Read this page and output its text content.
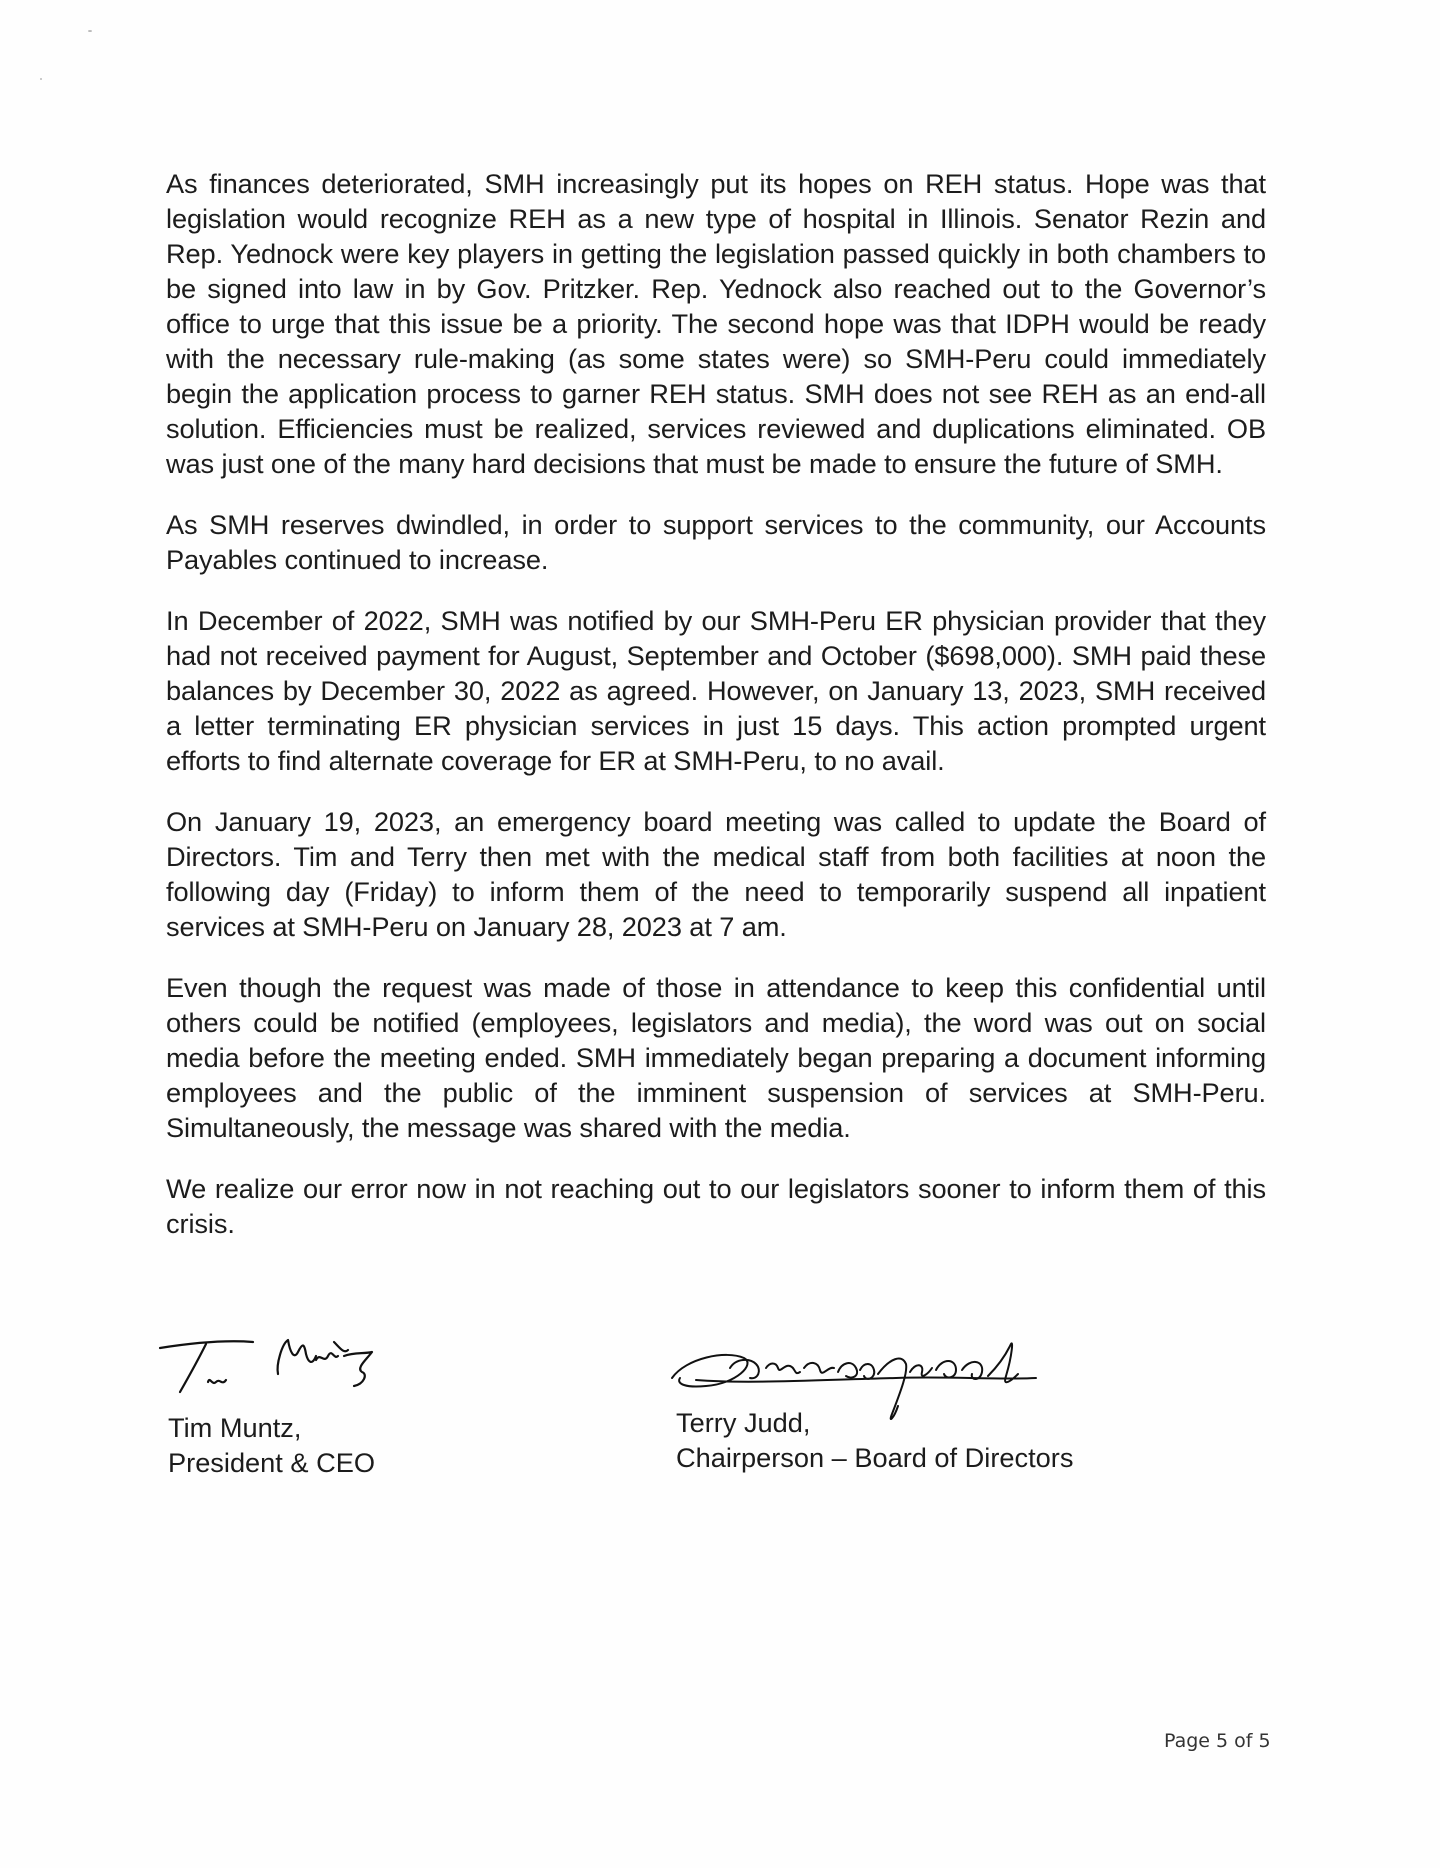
As finances deteriorated, SMH increasingly put its hopes on REH status. Hope was that legislation would recognize REH as a new type of hospital in Illinois. Senator Rezin and Rep. Yednock were key players in getting the legislation passed quickly in both chambers to be signed into law in by Gov. Pritzker. Rep. Yednock also reached out to the Governor’s office to urge that this issue be a priority. The second hope was that IDPH would be ready with the necessary rule-making (as some states were) so SMH-Peru could immediately begin the application process to garner REH status. SMH does not see REH as an end-all solution. Efficiencies must be realized, services reviewed and duplications eliminated. OB was just one of the many hard decisions that must be made to ensure the future of SMH.

As SMH reserves dwindled, in order to support services to the community, our Accounts Payables continued to increase.

In December of 2022, SMH was notified by our SMH-Peru ER physician provider that they had not received payment for August, September and October ($698,000). SMH paid these balances by December 30, 2022 as agreed. However, on January 13, 2023, SMH received a letter terminating ER physician services in just 15 days. This action prompted urgent efforts to find alternate coverage for ER at SMH-Peru, to no avail.

On January 19, 2023, an emergency board meeting was called to update the Board of Directors. Tim and Terry then met with the medical staff from both facilities at noon the following day (Friday) to inform them of the need to temporarily suspend all inpatient services at SMH-Peru on January 28, 2023 at 7 am.

Even though the request was made of those in attendance to keep this confidential until others could be notified (employees, legislators and media), the word was out on social media before the meeting ended. SMH immediately began preparing a document informing employees and the public of the imminent suspension of services at SMH-Peru. Simultaneously, the message was shared with the media.

We realize our error now in not reaching out to our legislators sooner to inform them of this crisis.

Tim Muntz,
President & CEO
Terry Judd,
Chairperson – Board of Directors
Page 5 of 5
